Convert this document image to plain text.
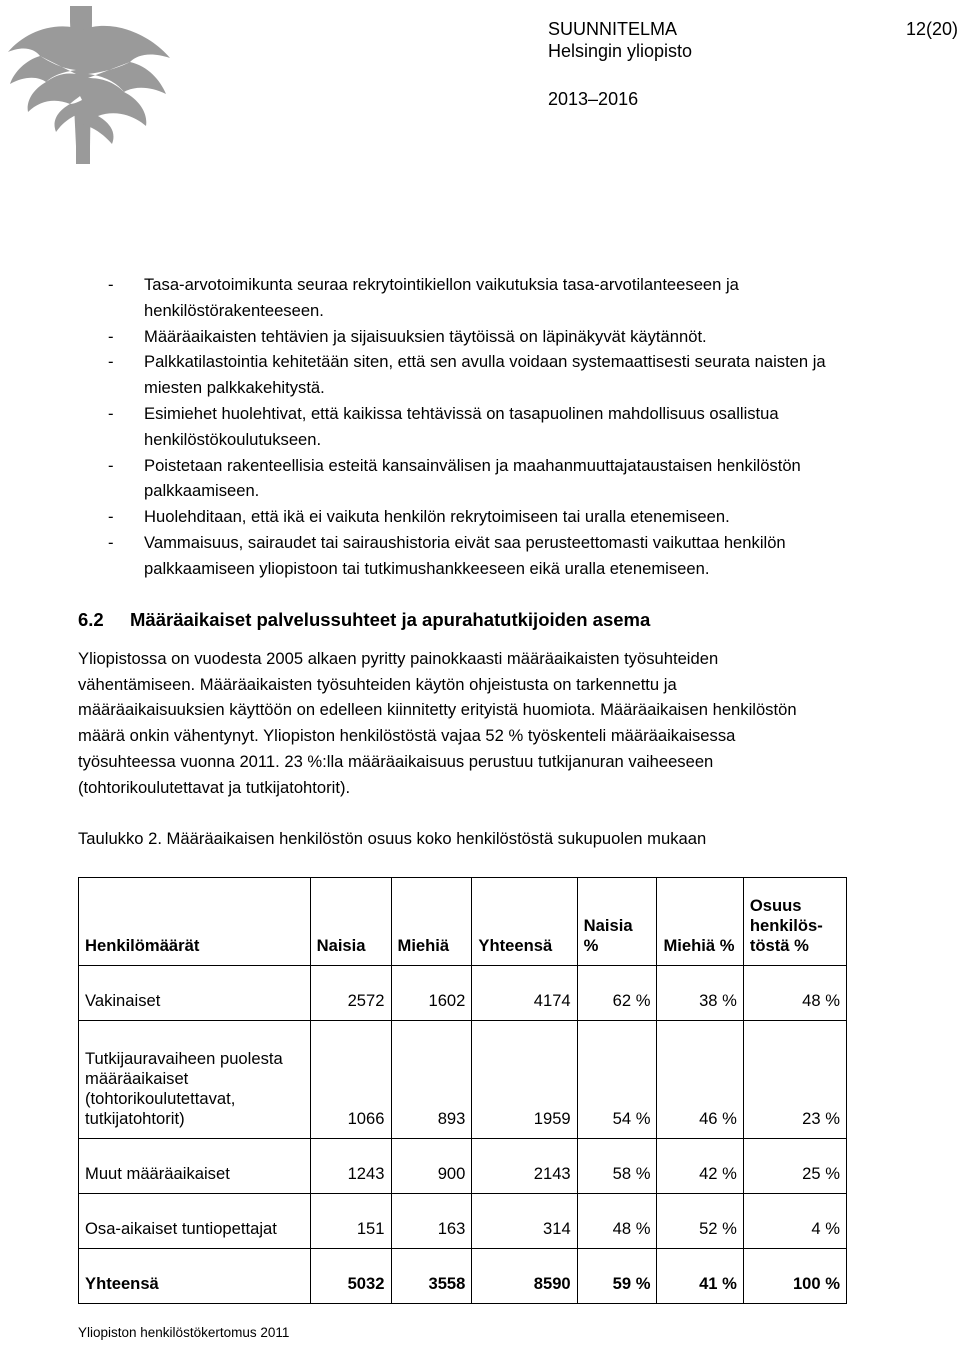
SUUNNITELMA
Helsingin yliopisto
2013–2016
12(20)
- Tasa-arvotoimikunta seuraa rekrytointikiellon vaikutuksia tasa-arvotilanteeseen ja henkilöstörakenteeseen.
- Määräaikaisten tehtävien ja sijaisuuksien täytöissä on läpinäkyvät käytännöt.
- Palkkatilastointia kehitetään siten, että sen avulla voidaan systemaattisesti seurata naisten ja miesten palkkakehitystä.
- Esimiehet huolehtivat, että kaikissa tehtävissä on tasapuolinen mahdollisuus osallistua henkilöstökoulutukseen.
- Poistetaan rakenteellisia esteitä kansainvälisen ja maahanmuuttajataustaisen henkilöstön palkkaamiseen.
- Huolehditaan, että ikä ei vaikuta henkilön rekrytoimiseen tai uralla etenemiseen.
- Vammaisuus, sairaudet tai sairaushistoria eivät saa perusteettomasti vaikuttaa henkilön palkkaamiseen yliopistoon tai tutkimushankkeeseen eikä uralla etenemiseen.
6.2 Määräaikaiset palvelussuhteet ja apurahatutkijoiden asema

Yliopistossa on vuodesta 2005 alkaen pyritty painokkaasti määräaikaisten työsuhteiden vähentämiseen. Määräaikaisten työsuhteiden käytön ohjeistusta on tarkennettu ja määräaikaisuuksien käyttöön on edelleen kiinnitetty erityistä huomiota. Määräaikaisen henkilöstön määrä onkin vähentynyt. Yliopiston henkilöstöstä vajaa 52 % työskenteli määräaikaisessa työsuhteessa vuonna 2011. 23 %:lla määräaikaisuus perustuu tutkijanuran vaiheeseen (tohtorikoulutettavat ja tutkijatohtorit).

Taulukko 2. Määräaikaisen henkilöstön osuus koko henkilöstöstä sukupuolen mukaan

Henkilömäärät	Naisia	Miehiä	Yhteensä	Naisia %	Miehiä %	Osuus henkilös-töstä %
Vakinaiset	2572	1602	4174	62 %	38 %	48 %
Tutkijauravaiheen puolesta määräaikaiset (tohtorikoulutettavat, tutkijatohtorit)	1066	893	1959	54 %	46 %	23 %
Muut määräaikaiset	1243	900	2143	58 %	42 %	25 %
Osa-aikaiset tuntiopettajat	151	163	314	48 %	52 %	4 %
Yhteensä	5032	3558	8590	59 %	41 %	100 %

Yliopiston henkilöstökertomus 2011
